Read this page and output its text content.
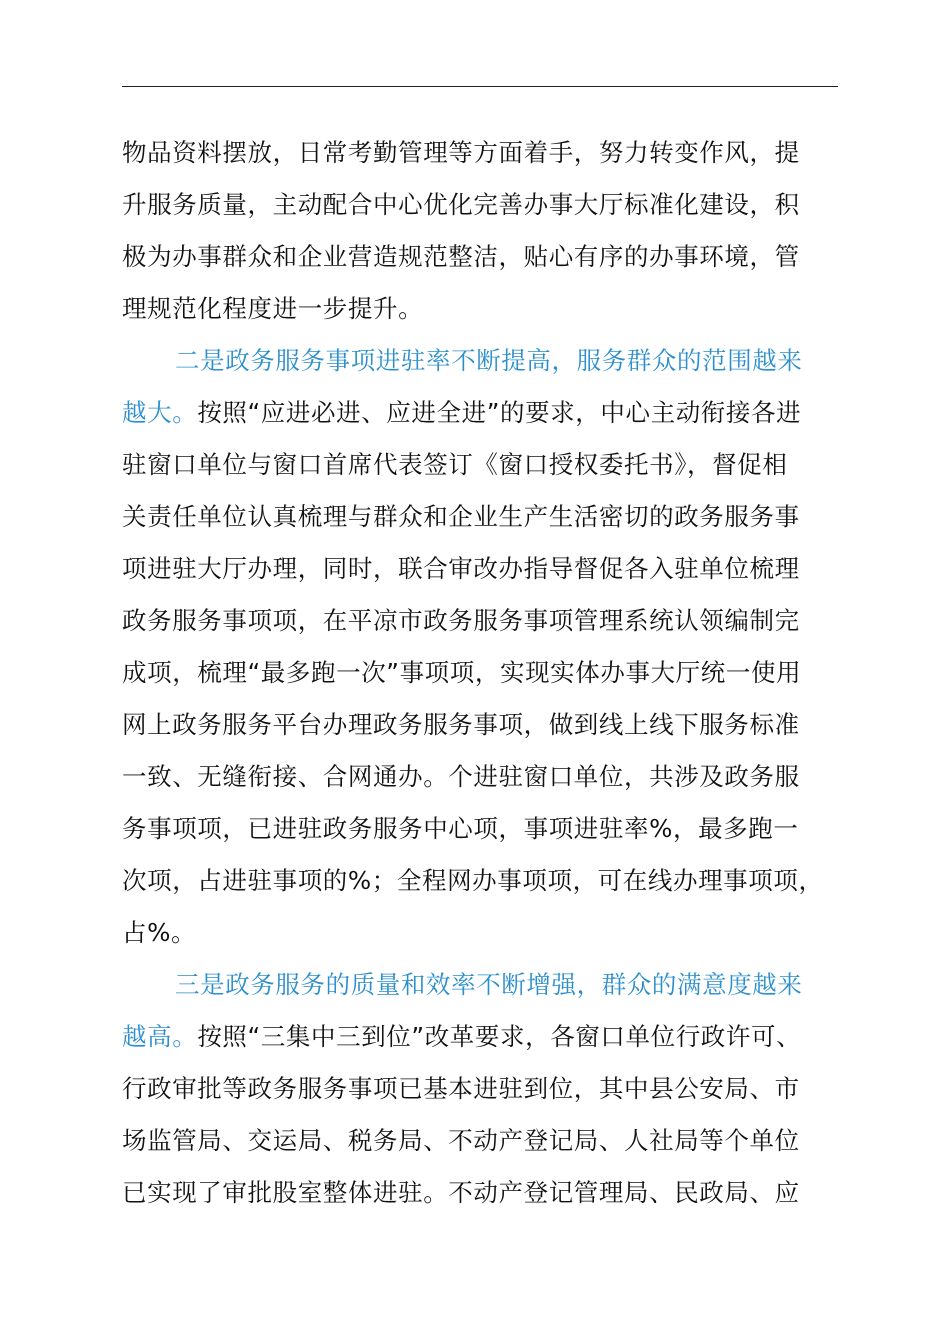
物品资料摆放，日常考勤管理等方面着手，努力转变作风，提
升服务质量，主动配合中心优化完善办事大厅标准化建设，积
极为办事群众和企业营造规范整洁，贴心有序的办事环境，管
理规范化程度进一步提升。
二是政务服务事项进驻率不断提高，服务群众的范围越来
越大。按照“应进必进、应进全进”的要求，中心主动衔接各进
驻窗口单位与窗口首席代表签订《窗口授权委托书》，督促相
关责任单位认真梳理与群众和企业生产生活密切的政务服务事
项进驻大厅办理，同时，联合审改办指导督促各入驻单位梳理
政务服务事项项，在平凉市政务服务事项管理系统认领编制完
成项，梳理“最多跑一次”事项项，实现实体办事大厅统一使用
网上政务服务平台办理政务服务事项，做到线上线下服务标准
一致、无缝衔接、合网通办。个进驻窗口单位，共涉及政务服
务事项项，已进驻政务服务中心项，事项进驻率%，最多跑一
次项，占进驻事项的%；全程网办事项项，可在线办理事项项，
占%。
三是政务服务的质量和效率不断增强，群众的满意度越来
越高。按照“三集中三到位”改革要求，各窗口单位行政许可、
行政审批等政务服务事项已基本进驻到位，其中县公安局、市
场监管局、交运局、税务局、不动产登记局、人社局等个单位
已实现了审批股室整体进驻。不动产登记管理局、民政局、应
